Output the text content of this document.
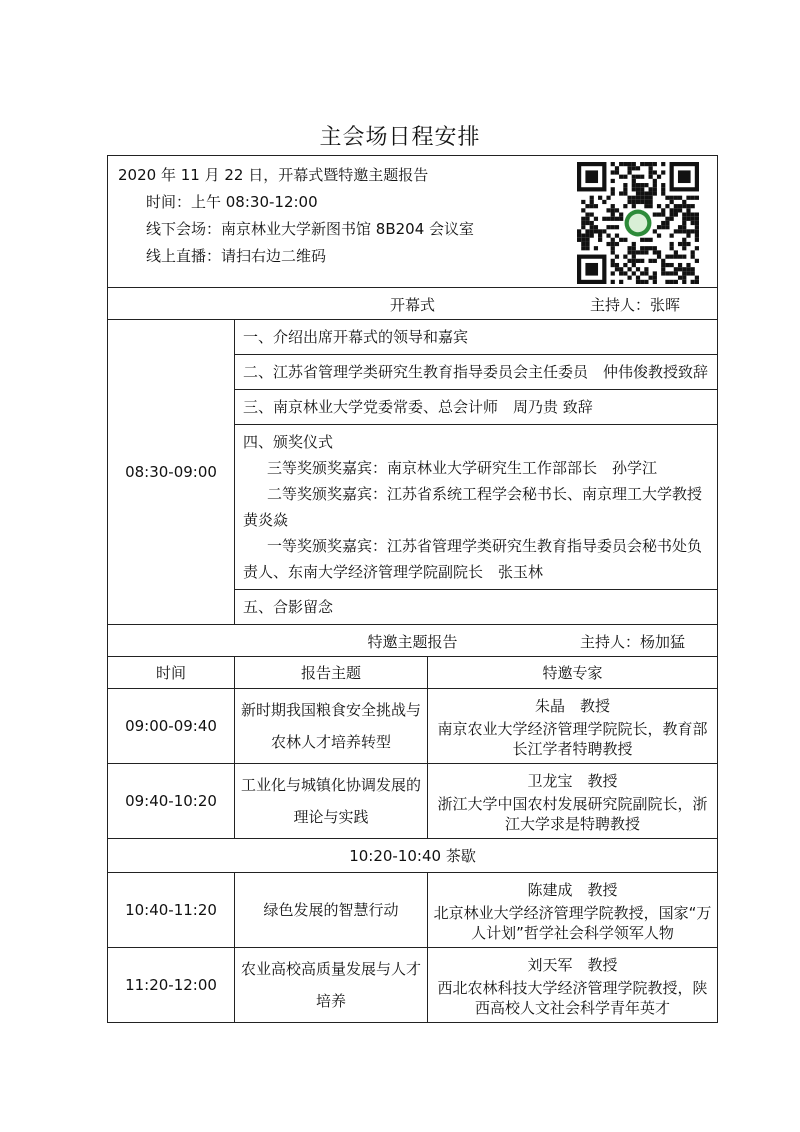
主会场日程安排
2020 年 11 月 22 日，开幕式暨特邀主题报告
时间：上午 08:30-12:00
线下会场：南京林业大学新图书馆 8B204 会议室
线上直播：请扫右边二维码		

开幕式 主持人：张晖		

08:30-09:00	一、介绍出席开幕式的领导和嘉宾	
	二、江苏省管理学类研究生教育指导委员会主任委员　仲伟俊教授致辞	
	三、南京林业大学党委常委、总会计师　周乃贵 致辞	
	四、颁奖仪式
三等奖颁奖嘉宾：南京林业大学研究生工作部部长　孙学江
二等奖颁奖嘉宾：江苏省系统工程学会秘书长、南京理工大学教授 黄炎焱
一等奖颁奖嘉宾：江苏省管理学类研究生教育指导委员会秘书处负责人、东南大学经济管理学院副院长　张玉林	

	五、合影留念	

特邀主题报告 主持人：杨加猛		

时间	报告主题	特邀专家
09:00-09:40	新时期我国粮食安全挑战与农林人才培养转型	朱晶　教授
南京农业大学经济管理学院院长，教育部长江学者特聘教授
09:40-10:20	工业化与城镇化协调发展的理论与实践	卫龙宝　教授
浙江大学中国农村发展研究院副院长，浙江大学求是特聘教授
10:20-10:40 茶歇		
10:40-11:20	绿色发展的智慧行动	陈建成　教授
北京林业大学经济管理学院教授，国家“万人计划”哲学社会科学领军人物
11:20-12:00	农业高校高质量发展与人才培养	刘天军　教授
西北农林科技大学经济管理学院教授，陕西高校人文社会科学青年英才
